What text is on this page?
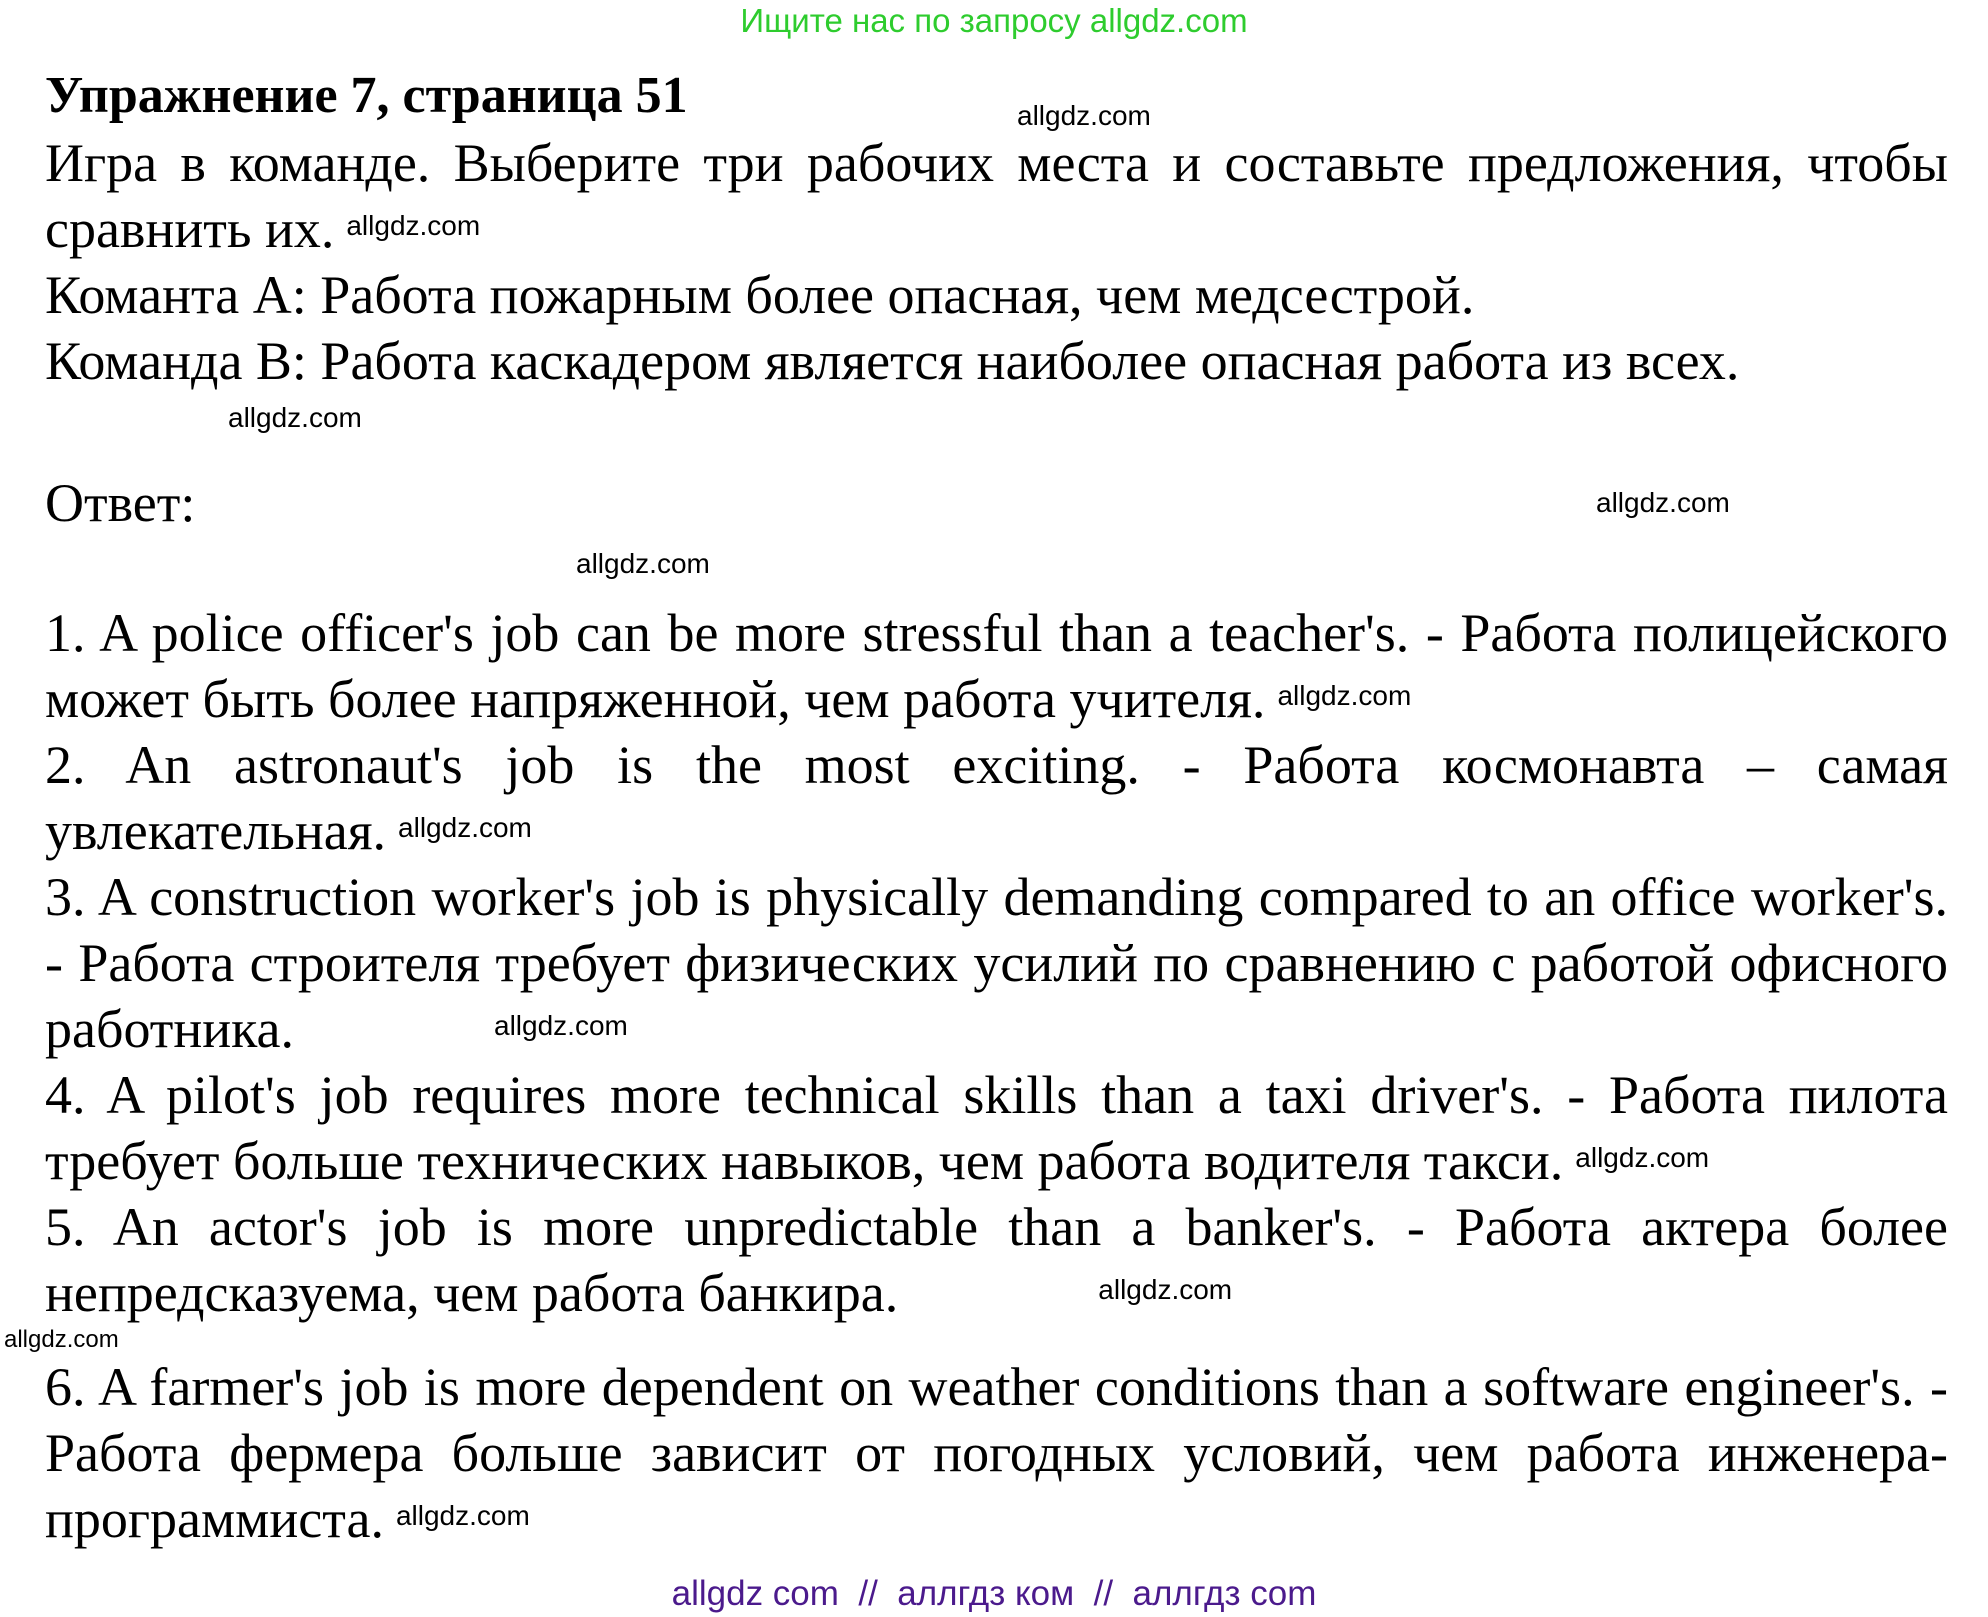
Ищите нас по запросу allgdz.com
Упражнение 7, страница 51	allgdz.com

Игра в команде. Выберите три рабочих места и составьте предложения, чтобы сравнить их. $^{allgdz.com}$

Команта А: Работа пожарным более опасная, чем медсестрой.

Команда B: Работа каскадером является наиболее опасная работа из всех.

allgdz.com
Ответ:	allgdz.com
allgdz.com

1. A police officer's job can be more stressful than a teacher's. - Работа полицейского может быть более напряженной, чем работа учителя. $^{allgdz.com}$

2. An astronaut's job is the most exciting. - Работа космонавта – самая увлекательная. $^{allgdz.com}$

3. A construction worker's job is physically demanding compared to an office worker's. - Работа строителя требует физических усилий по сравнению с работой офисного работника.	$^{allgdz.com}$

4. A pilot's job requires more technical skills than a taxi driver's. - Работа пилота требует больше технических навыков, чем работа водителя такси. $^{allgdz.com}$

5. An actor's job is more unpredictable than a banker's. - Работа актера более непредсказуема, чем работа банкира.	$^{allgdz.com}$

allgdz.com

6. A farmer's job is more dependent on weather conditions than a software engineer's. - Работа фермера больше зависит от погодных условий, чем работа инженера-программиста. $^{allgdz.com}$

allgdz com  //  аллгдз ком  //  аллгдз com
